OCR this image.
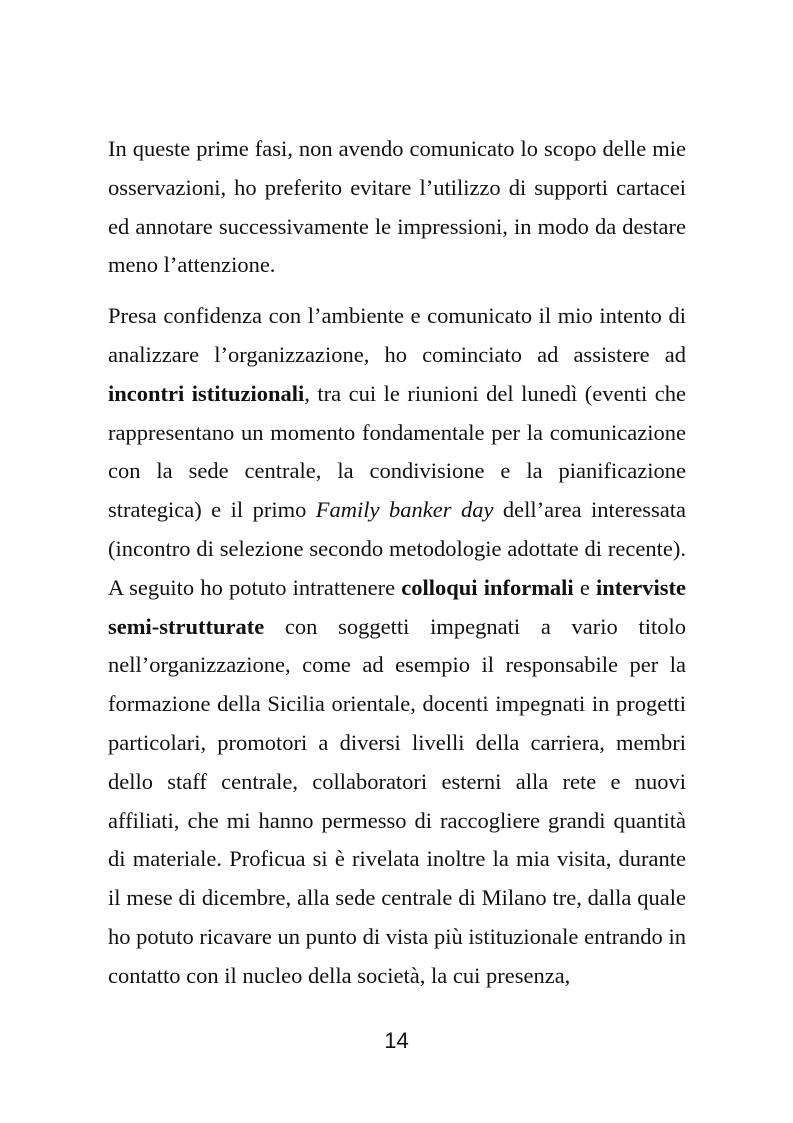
In queste prime fasi, non avendo comunicato lo scopo delle mie osservazioni, ho preferito evitare l’utilizzo di supporti cartacei ed annotare successivamente le impressioni, in modo da destare meno l’attenzione.

Presa confidenza con l’ambiente e comunicato il mio intento di analizzare l’organizzazione, ho cominciato ad assistere ad incontri istituzionali, tra cui le riunioni del lunedì (eventi che rappresentano un momento fondamentale per la comunicazione con la sede centrale, la condivisione e la pianificazione strategica) e il primo Family banker day dell’area interessata (incontro di selezione secondo metodologie adottate di recente). A seguito ho potuto intrattenere colloqui informali e interviste semi-strutturate con soggetti impegnati a vario titolo nell’organizzazione, come ad esempio il responsabile per la formazione della Sicilia orientale, docenti impegnati in progetti particolari, promotori a diversi livelli della carriera, membri dello staff centrale, collaboratori esterni alla rete e nuovi affiliati, che mi hanno permesso di raccogliere grandi quantità di materiale. Proficua si è rivelata inoltre la mia visita, durante il mese di dicembre, alla sede centrale di Milano tre, dalla quale ho potuto ricavare un punto di vista più istituzionale entrando in contatto con il nucleo della società, la cui presenza,

14
